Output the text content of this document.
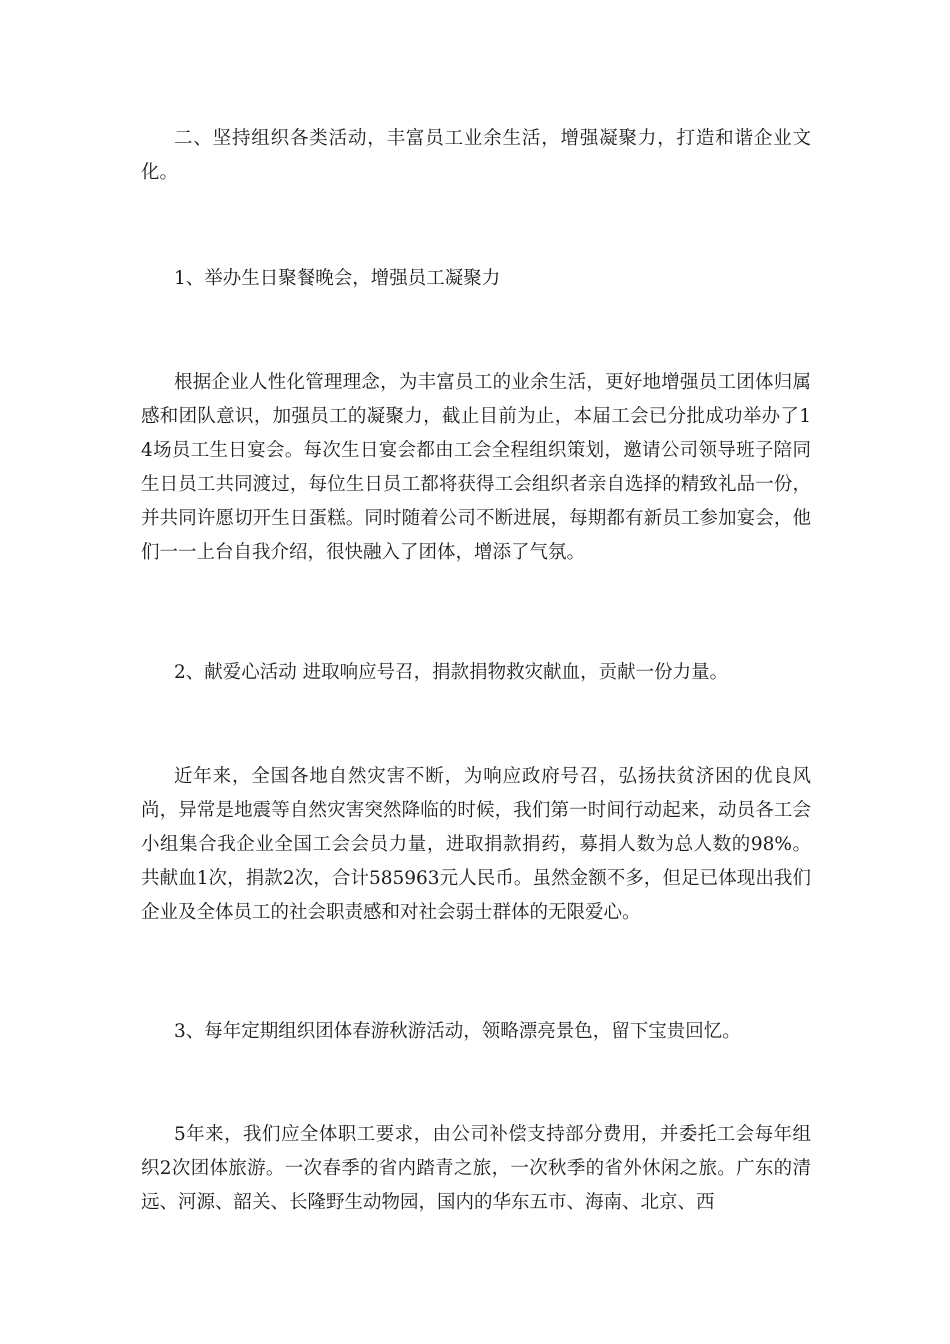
二、坚持组织各类活动，丰富员工业余生活，增强凝聚力，打造和谐企业文化。

1、举办生日聚餐晚会，增强员工凝聚力

根据企业人性化管理理念，为丰富员工的业余生活，更好地增强员工团体归属感和团队意识，加强员工的凝聚力，截止目前为止，本届工会已分批成功举办了14场员工生日宴会。每次生日宴会都由工会全程组织策划，邀请公司领导班子陪同生日员工共同渡过，每位生日员工都将获得工会组织者亲自选择的精致礼品一份，并共同许愿切开生日蛋糕。同时随着公司不断进展，每期都有新员工参加宴会，他们一一上台自我介绍，很快融入了团体，增添了气氛。

2、献爱心活动 进取响应号召，捐款捐物救灾献血，贡献一份力量。

近年来，全国各地自然灾害不断，为响应政府号召，弘扬扶贫济困的优良风尚，异常是地震等自然灾害突然降临的时候，我们第一时间行动起来，动员各工会小组集合我企业全国工会会员力量，进取捐款捐药，募捐人数为总人数的98%。共献血1次，捐款2次，合计585963元人民币。虽然金额不多，但足已体现出我们企业及全体员工的社会职责感和对社会弱士群体的无限爱心。

3、每年定期组织团体春游秋游活动，领略漂亮景色，留下宝贵回忆。

5年来，我们应全体职工要求，由公司补偿支持部分费用，并委托工会每年组织2次团体旅游。一次春季的省内踏青之旅，一次秋季的省外休闲之旅。广东的清远、河源、韶关、长隆野生动物园，国内的华东五市、海南、北京、西
